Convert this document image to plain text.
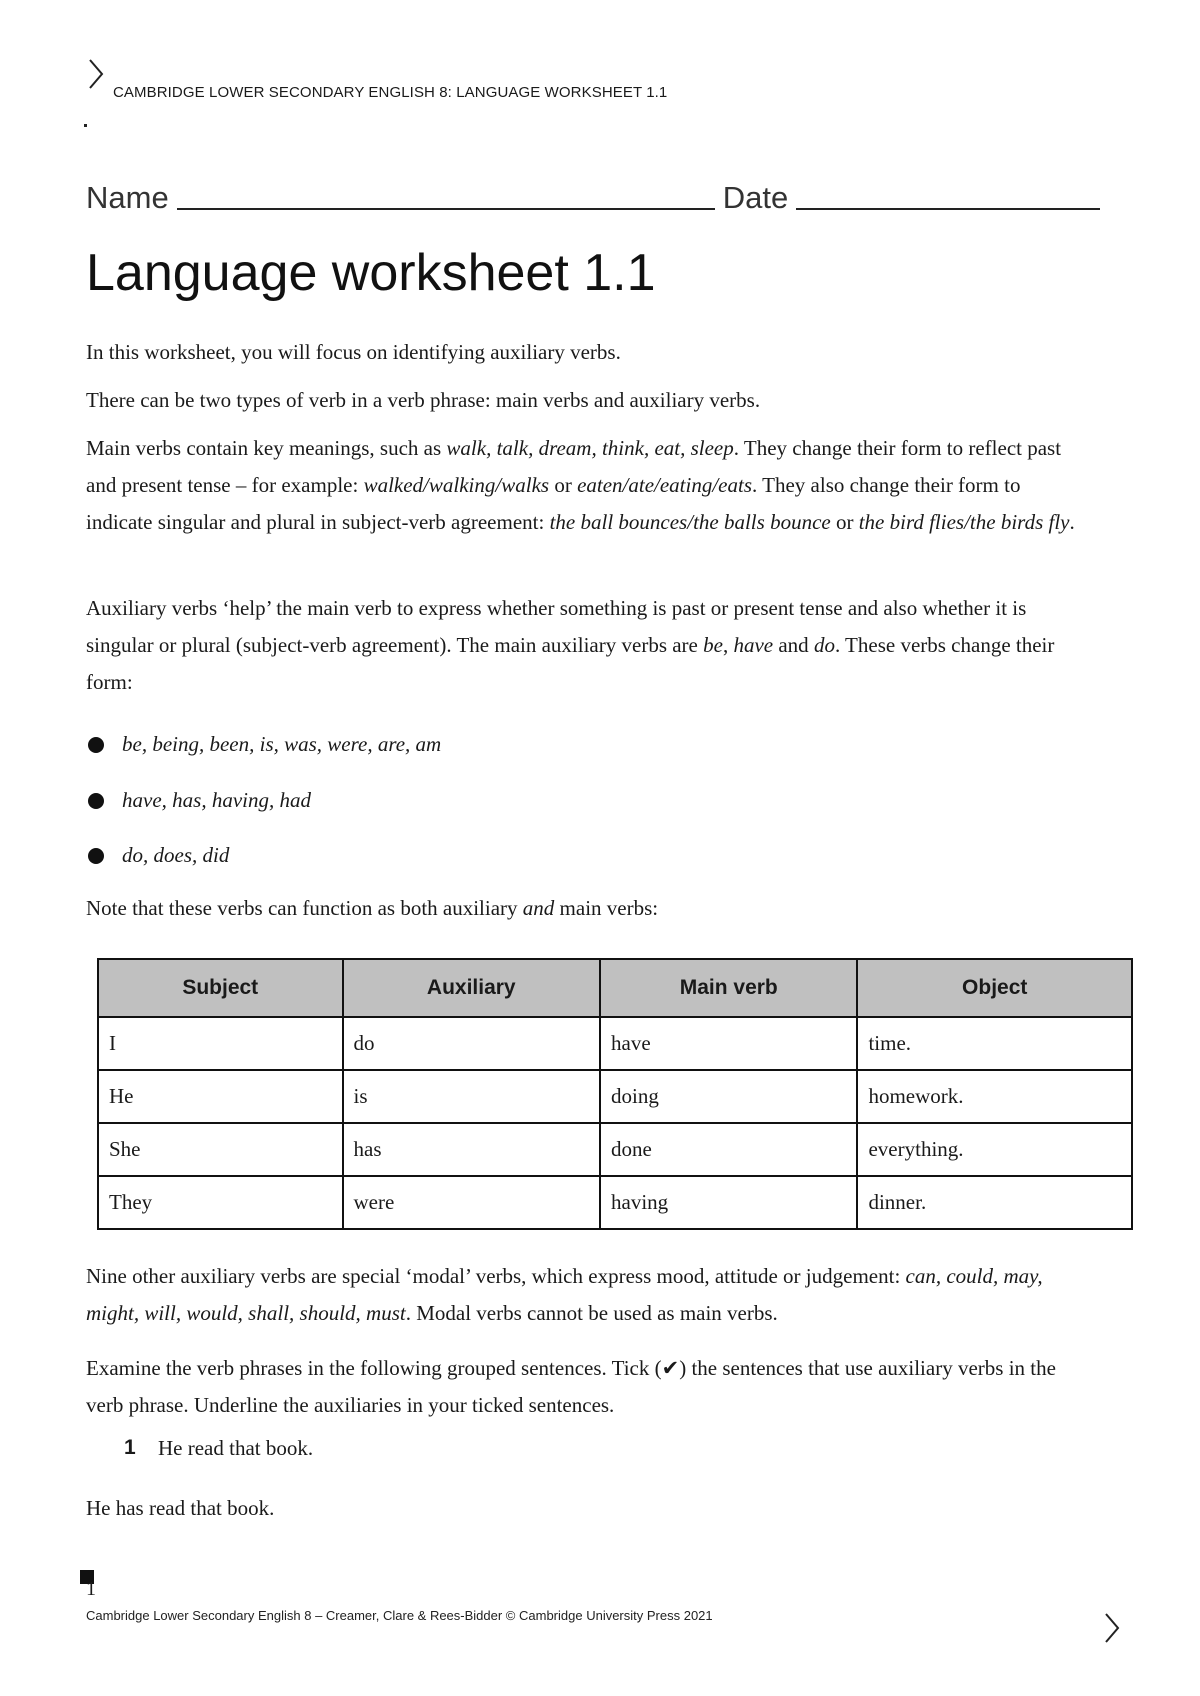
CAMBRIDGE LOWER SECONDARY ENGLISH 8: LANGUAGE WORKSHEET 1.1
Name	Date
Language worksheet 1.1

In this worksheet, you will focus on identifying auxiliary verbs.

There can be two types of verb in a verb phrase: main verbs and auxiliary verbs.

Main verbs contain key meanings, such as walk, talk, dream, think, eat, sleep. They change their form to reflect past and present tense – for example: walked/walking/walks or eaten/ate/eating/eats. They also change their form to indicate singular and plural in subject-verb agreement: the ball bounces/the balls bounce or the bird flies/the birds fly.

Auxiliary verbs ‘help’ the main verb to express whether something is past or present tense and also whether it is singular or plural (subject-verb agreement). The main auxiliary verbs are be, have and do. These verbs change their form:

be, being, been, is, was, were, are, am
have, has, having, had
do, does, did

Note that these verbs can function as both auxiliary and main verbs:

Subject	Auxiliary	Main verb	Object
I	do	have	time.
He	is	doing	homework.
She	has	done	everything.
They	were	having	dinner.

Nine other auxiliary verbs are special ‘modal’ verbs, which express mood, attitude or judgement: can, could, may, might, will, would, shall, should, must. Modal verbs cannot be used as main verbs.

Examine the verb phrases in the following grouped sentences. Tick (✔) the sentences that use auxiliary verbs in the verb phrase. Underline the auxiliaries in your ticked sentences.

1	He read that book.

He has read that book.

1
Cambridge Lower Secondary English 8 – Creamer, Clare & Rees-Bidder © Cambridge University Press 2021
